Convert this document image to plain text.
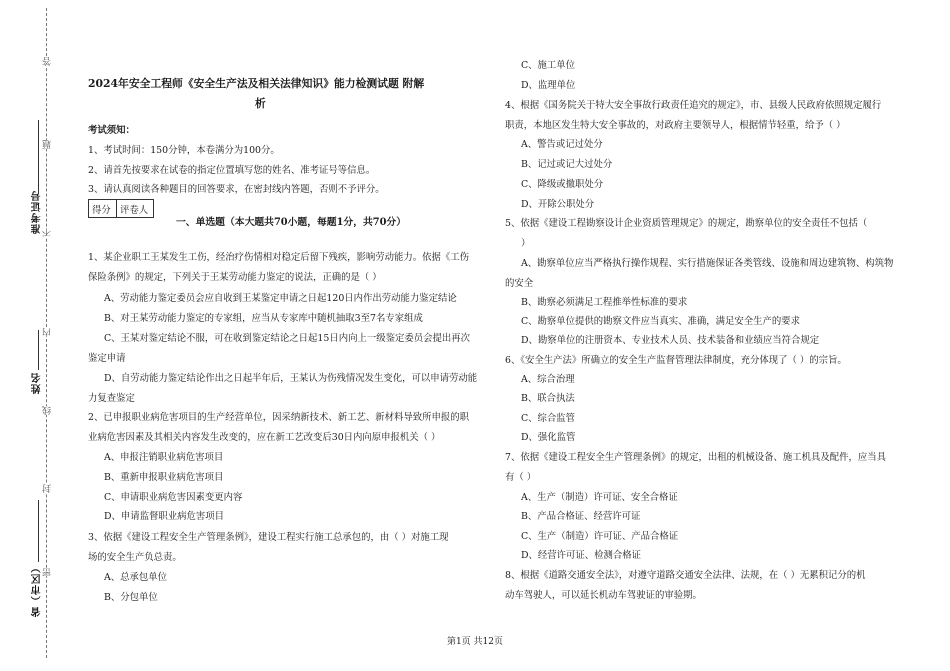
答
题
不
内
线
封
密
准考证号
姓名
省（市区）
2024年安全工程师《安全生产法及相关法律知识》能力检测试题 附解
析
考试须知：
1、考试时间：150分钟，本卷满分为100分。
2、请首先按要求在试卷的指定位置填写您的姓名、准考证号等信息。
3、请认真阅读各种题目的回答要求，在密封线内答题，否则不予评分。
得分 评卷人
一、单选题（本大题共70小题，每题1分，共70分）
1、某企业职工王某发生工伤，经治疗伤情相对稳定后留下残疾，影响劳动能力。依据《工伤
保险条例》的规定，下列关于王某劳动能力鉴定的说法，正确的是（ ）
A、劳动能力鉴定委员会应自收到王某鉴定申请之日起120日内作出劳动能力鉴定结论
B、对王某劳动能力鉴定的专家组，应当从专家库中随机抽取3至7名专家组成
C、王某对鉴定结论不服，可在收到鉴定结论之日起15日内向上一级鉴定委员会提出再次
鉴定申请
D、自劳动能力鉴定结论作出之日起半年后，王某认为伤残情况发生变化，可以申请劳动能
力复查鉴定
2、已申报职业病危害项目的生产经营单位，因采纳新技术、新工艺、新材料导致所申报的职
业病危害因素及其相关内容发生改变的，应在新工艺改变后30日内向原申报机关（ ）
A、申报注销职业病危害项目
B、重新申报职业病危害项目
C、申请职业病危害因素变更内容
D、申请监督职业病危害项目
3、依据《建设工程安全生产管理条例》，建设工程实行施工总承包的，由（ ）对施工现
场的安全生产负总责。
A、总承包单位
B、分包单位
C、施工单位
D、监理单位
4、根据《国务院关于特大安全事故行政责任追究的规定》，市、县级人民政府依照规定履行
职责，本地区发生特大安全事故的，对政府主要领导人，根据情节轻重，给予（ ）
A、警告或记过处分
B、记过或记大过处分
C、降级或撤职处分
D、开除公职处分
5、依据《建设工程勘察设计企业资质管理规定》的规定，勘察单位的安全责任不包括（
）
A、勘察单位应当严格执行操作规程、实行措施保证各类管线、设施和周边建筑物、构筑物
的安全
B、勘察必须满足工程推举性标准的要求
C、勘察单位提供的勘察文件应当真实、准确，满足安全生产的要求
D、勘察单位的注册资本、专业技术人员、技术装备和业绩应当符合规定
6、《安全生产法》所确立的安全生产监督管理法律制度，充分体现了（ ）的宗旨。
A、综合治理
B、联合执法
C、综合监管
D、强化监管
7、依据《建设工程安全生产管理条例》的规定，出租的机械设备、施工机具及配件，应当具
有（ ）
A、生产（制造）许可证、安全合格证
B、产品合格证、经营许可证
C、生产（制造）许可证、产品合格证
D、经营许可证、检测合格证
8、根据《道路交通安全法》，对遵守道路交通安全法律、法规，在（ ）无累积记分的机
动车驾驶人，可以延长机动车驾驶证的审验期。
第1页 共12页
